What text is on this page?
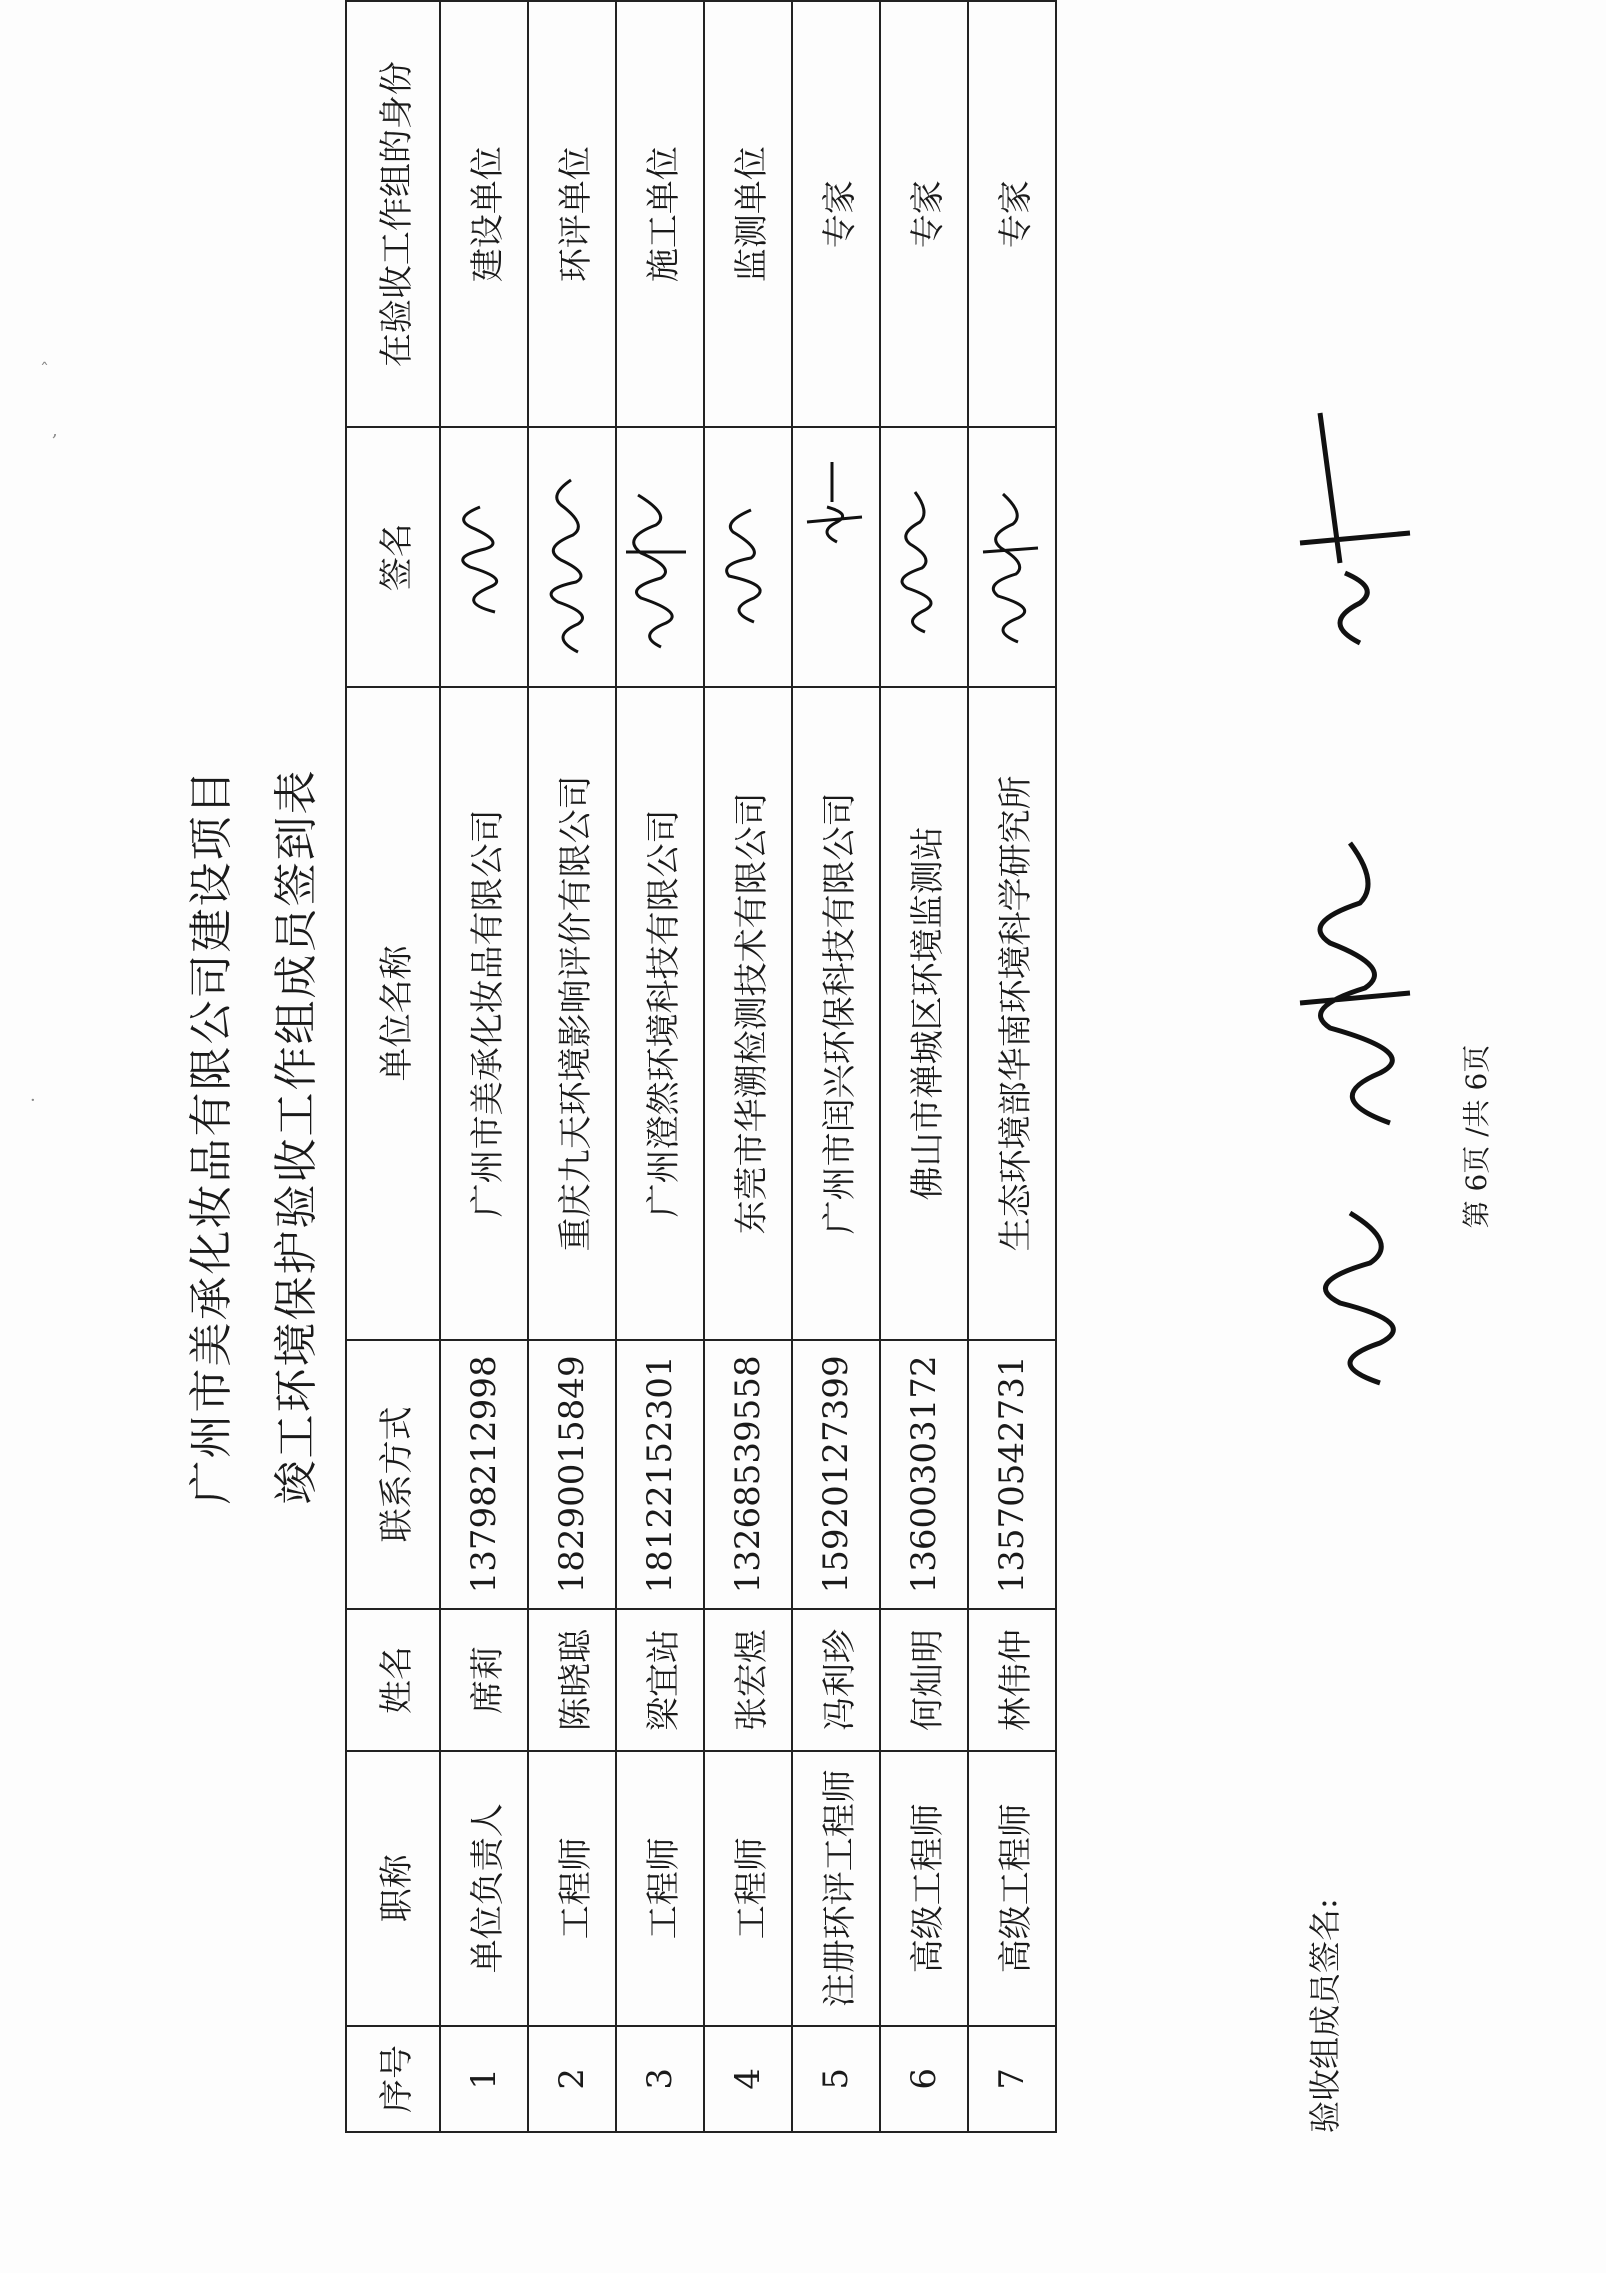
ˆ
,
·	广州市美承化妆品有限公司建设项目 竣工环境保护验收工作组成员签到表
序号	职称	姓名	联系方式	单位名称	签名	在验收工作组的身份
1	单位负责人	席莉	13798212998	广州市美承化妆品有限公司		建设单位
2	工程师	陈晓聪	18290015849	重庆九天环境影响评价有限公司		环评单位
3	工程师	梁宜站	18122152301	广州澄然环境科技有限公司		施工单位
4	工程师	张宏煜	13268539558	东莞市华溯检测技术有限公司		监测单位
5	注册环评工程师	冯利珍	15920127399	广州市闰兴环保科技有限公司		专家
6	高级工程师	何灿明	13600303172	佛山市禅城区环境监测站		专家
7	高级工程师	林伟仲	13570542731	生态环境部华南环境科学研究所		专家
验收组成员签名:
第 6页 /共 6页
